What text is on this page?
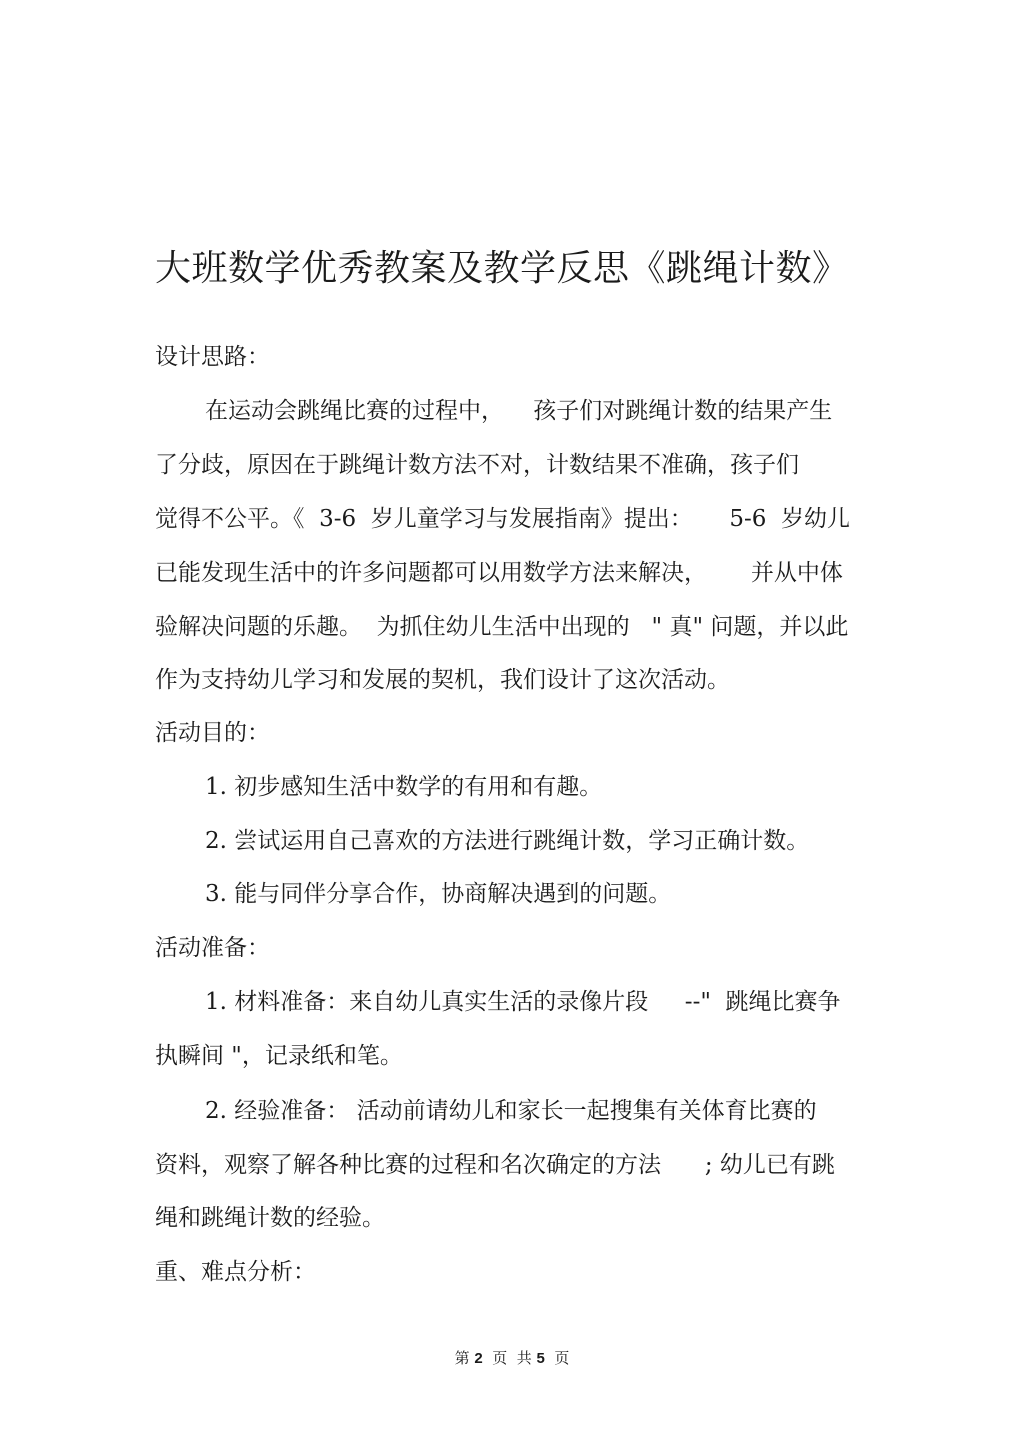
大班数学优秀教案及教学反思《跳绳计数》
设计思路：
在运动会跳绳比赛的过程中，    孩子们对跳绳计数的结果产生
了分歧，原因在于跳绳计数方法不对，计数结果不准确，孩子们
觉得不公平。《  3-6  岁儿童学习与发展指南》提出：     5-6  岁幼儿
已能发现生活中的许多问题都可以用数学方法来解决，      并从中体
验解决问题的乐趣。  为抓住幼儿生活中出现的   " 真" 问题，并以此
作为支持幼儿学习和发展的契机，我们设计了这次活动。
活动目的：
1. 初步感知生活中数学的有用和有趣。
2. 尝试运用自己喜欢的方法进行跳绳计数，学习正确计数。
3. 能与同伴分享合作，协商解决遇到的问题。
活动准备：
1. 材料准备：来自幼儿真实生活的录像片段     --"  跳绳比赛争
执瞬间 "，记录纸和笔。
2. 经验准备： 活动前请幼儿和家长一起搜集有关体育比赛的
资料，观察了解各种比赛的过程和名次确定的方法      ; 幼儿已有跳
绳和跳绳计数的经验。
重、难点分析：
第 2  页  共 5  页
